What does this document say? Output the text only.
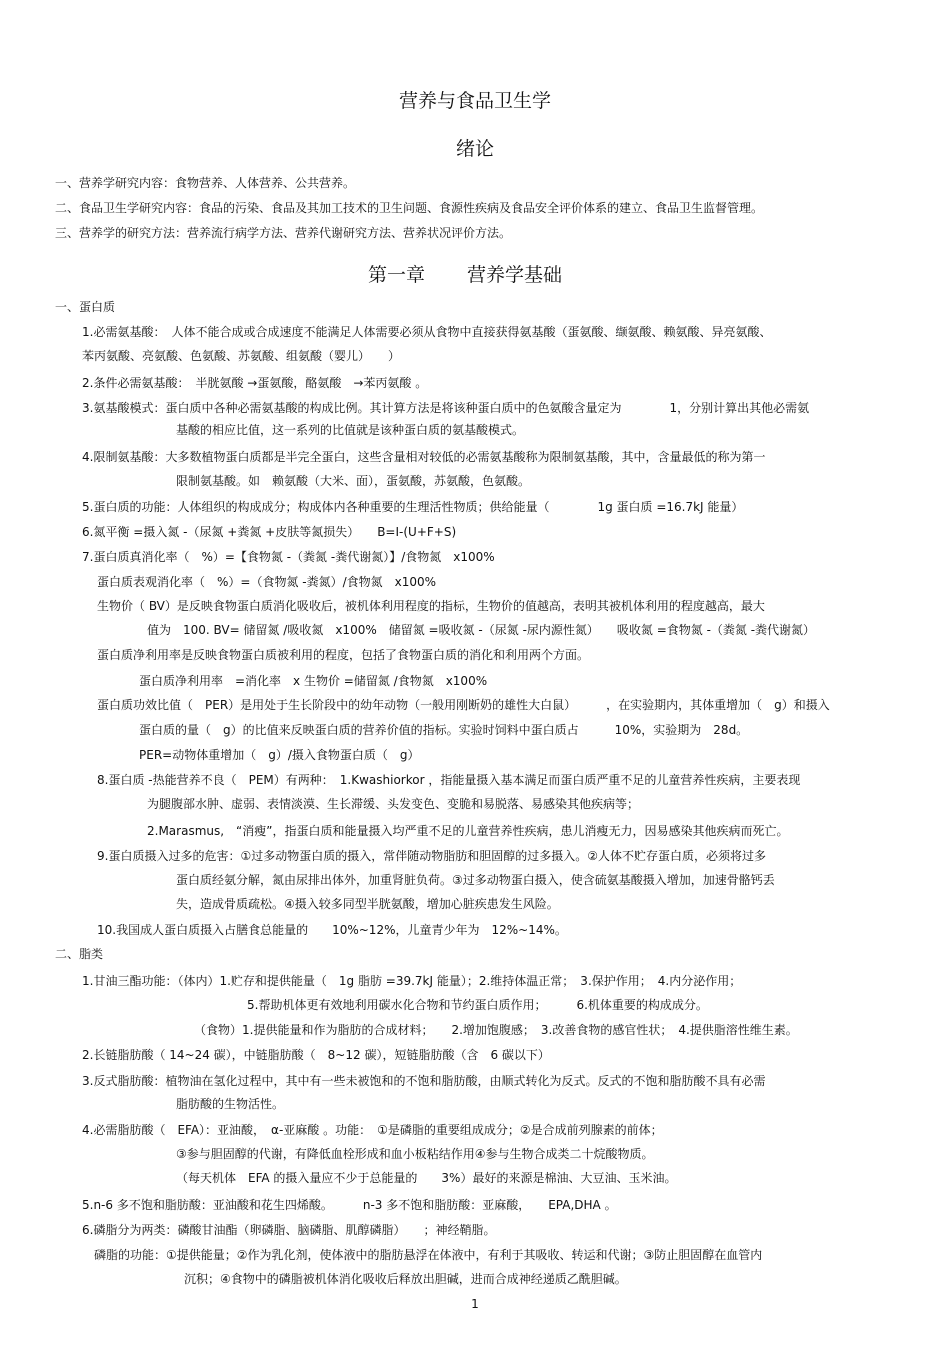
营养与食品卫生学
绪论
一、营养学研究内容：食物营养、人体营养、公共营养。
二、食品卫生学研究内容：食品的污染、食品及其加工技术的卫生问题、食源性疾病及食品安全评价体系的建立、食品卫生监督管理。
三、营养学的研究方法：营养流行病学方法、营养代谢研究方法、营养状况评价方法。
第一章 营养学基础
一、蛋白质
1.必需氨基酸：　人体不能合成或合成速度不能满足人体需要必须从食物中直接获得氨基酸（蛋氨酸、缬氨酸、赖氨酸、异亮氨酸、
苯丙氨酸、亮氨酸、色氨酸、苏氨酸、组氨酸（婴儿）　　）
2.条件必需氨基酸：　半胱氨酸 →蛋氨酸，酪氨酸　→苯丙氨酸 。
3.氨基酸模式：蛋白质中各种必需氨基酸的构成比例。其计算方法是将该种蛋白质中的色氨酸含量定为　　　　1，分别计算出其他必需氨
基酸的相应比值，这一系列的比值就是该种蛋白质的氨基酸模式。
4.限制氨基酸：大多数植物蛋白质都是半完全蛋白，这些含量相对较低的必需氨基酸称为限制氨基酸，其中，含量最低的称为第一
限制氨基酸。如　赖氨酸（大米、面），蛋氨酸，苏氨酸，色氨酸。
5.蛋白质的功能：人体组织的构成成分；构成体内各种重要的生理活性物质；供给能量（　　　　1g 蛋白质 =16.7kJ 能量）
6.氮平衡 =摄入氮 -（尿氮 +粪氮 +皮肤等氮损失）　　B=I-(U+F+S)
7.蛋白质真消化率（　%）=【食物氮 -（粪氮 -粪代谢氮）】/食物氮　x100%
蛋白质表观消化率（　%）=（食物氮 -粪氮）/食物氮　x100%
生物价（ BV）是反映食物蛋白质消化吸收后，被机体利用程度的指标，生物价的值越高，表明其被机体利用的程度越高，最大
值为　100. BV= 储留氮 /吸收氮　x100%　储留氮 =吸收氮 -（尿氮 -尿内源性氮）　　吸收氮 =食物氮 -（粪氮 -粪代谢氮）
蛋白质净利用率是反映食物蛋白质被利用的程度，包括了食物蛋白质的消化和利用两个方面。
蛋白质净利用率　=消化率　x 生物价 =储留氮 /食物氮　x100%
蛋白质功效比值（　PER）是用处于生长阶段中的幼年动物（一般用刚断奶的雄性大白鼠）　　　，在实验期内，其体重增加（　g）和摄入
蛋白质的量（　g）的比值来反映蛋白质的营养价值的指标。实验时饲料中蛋白质占　　　10%，实验期为　28d。
PER=动物体重增加（　g）/摄入食物蛋白质（　g）
8.蛋白质 -热能营养不良（　PEM）有两种：　1.Kwashiorkor ，指能量摄入基本满足而蛋白质严重不足的儿童营养性疾病，主要表现
为腿腹部水肿、虚弱、表情淡漠、生长滞缓、头发变色、变脆和易脱落、易感染其他疾病等；
2.Marasmus,　“消瘦”，指蛋白质和能量摄入均严重不足的儿童营养性疾病，患儿消瘦无力，因易感染其他疾病而死亡。
9.蛋白质摄入过多的危害：①过多动物蛋白质的摄入，常伴随动物脂肪和胆固醇的过多摄入。②人体不贮存蛋白质，必须将过多
蛋白质经氨分解，氮由尿排出体外，加重肾脏负荷。③过多动物蛋白摄入，使含硫氨基酸摄入增加，加速骨骼钙丢
失，造成骨质疏松。④摄入较多同型半胱氨酸，增加心脏疾患发生风险。
10.我国成人蛋白质摄入占膳食总能量的　　10%~12%，儿童青少年为　12%~14%。
二、脂类
1.甘油三酯功能：（体内）1.贮存和提供能量（　1g 脂肪 =39.7kJ 能量）；2.维持体温正常；　3.保护作用；　4.内分泌作用；
5.帮助机体更有效地利用碳水化合物和节约蛋白质作用；　　　6.机体重要的构成成分。
（食物）1.提供能量和作为脂肪的合成材料；　　2.增加饱腹感；　3.改善食物的感官性状；　4.提供脂溶性维生素。
2.长链脂肪酸（ 14~24 碳），中链脂肪酸（　8~12 碳），短链脂肪酸（含　6 碳以下）
3.反式脂肪酸：植物油在氢化过程中，其中有一些未被饱和的不饱和脂肪酸，由顺式转化为反式。反式的不饱和脂肪酸不具有必需
脂肪酸的生物活性。
4.必需脂肪酸（　EFA）：亚油酸，　α-亚麻酸 。功能：　①是磷脂的重要组成成分；②是合成前列腺素的前体；
③参与胆固醇的代谢，有降低血栓形成和血小板粘结作用④参与生物合成类二十烷酸物质。
（每天机体　EFA 的摄入量应不少于总能量的　　3%）最好的来源是棉油、大豆油、玉米油。
5.n-6 多不饱和脂肪酸：亚油酸和花生四烯酸。　　　n-3 多不饱和脂肪酸：亚麻酸，　　EPA,DHA 。
6.磷脂分为两类：磷酸甘油酯（卵磷脂、脑磷脂、肌醇磷脂）　　；神经鞘脂。
磷脂的功能：①提供能量；②作为乳化剂，使体液中的脂肪悬浮在体液中，有利于其吸收、转运和代谢；③防止胆固醇在血管内
沉积；④食物中的磷脂被机体消化吸收后释放出胆碱，进而合成神经递质乙酰胆碱。
1
